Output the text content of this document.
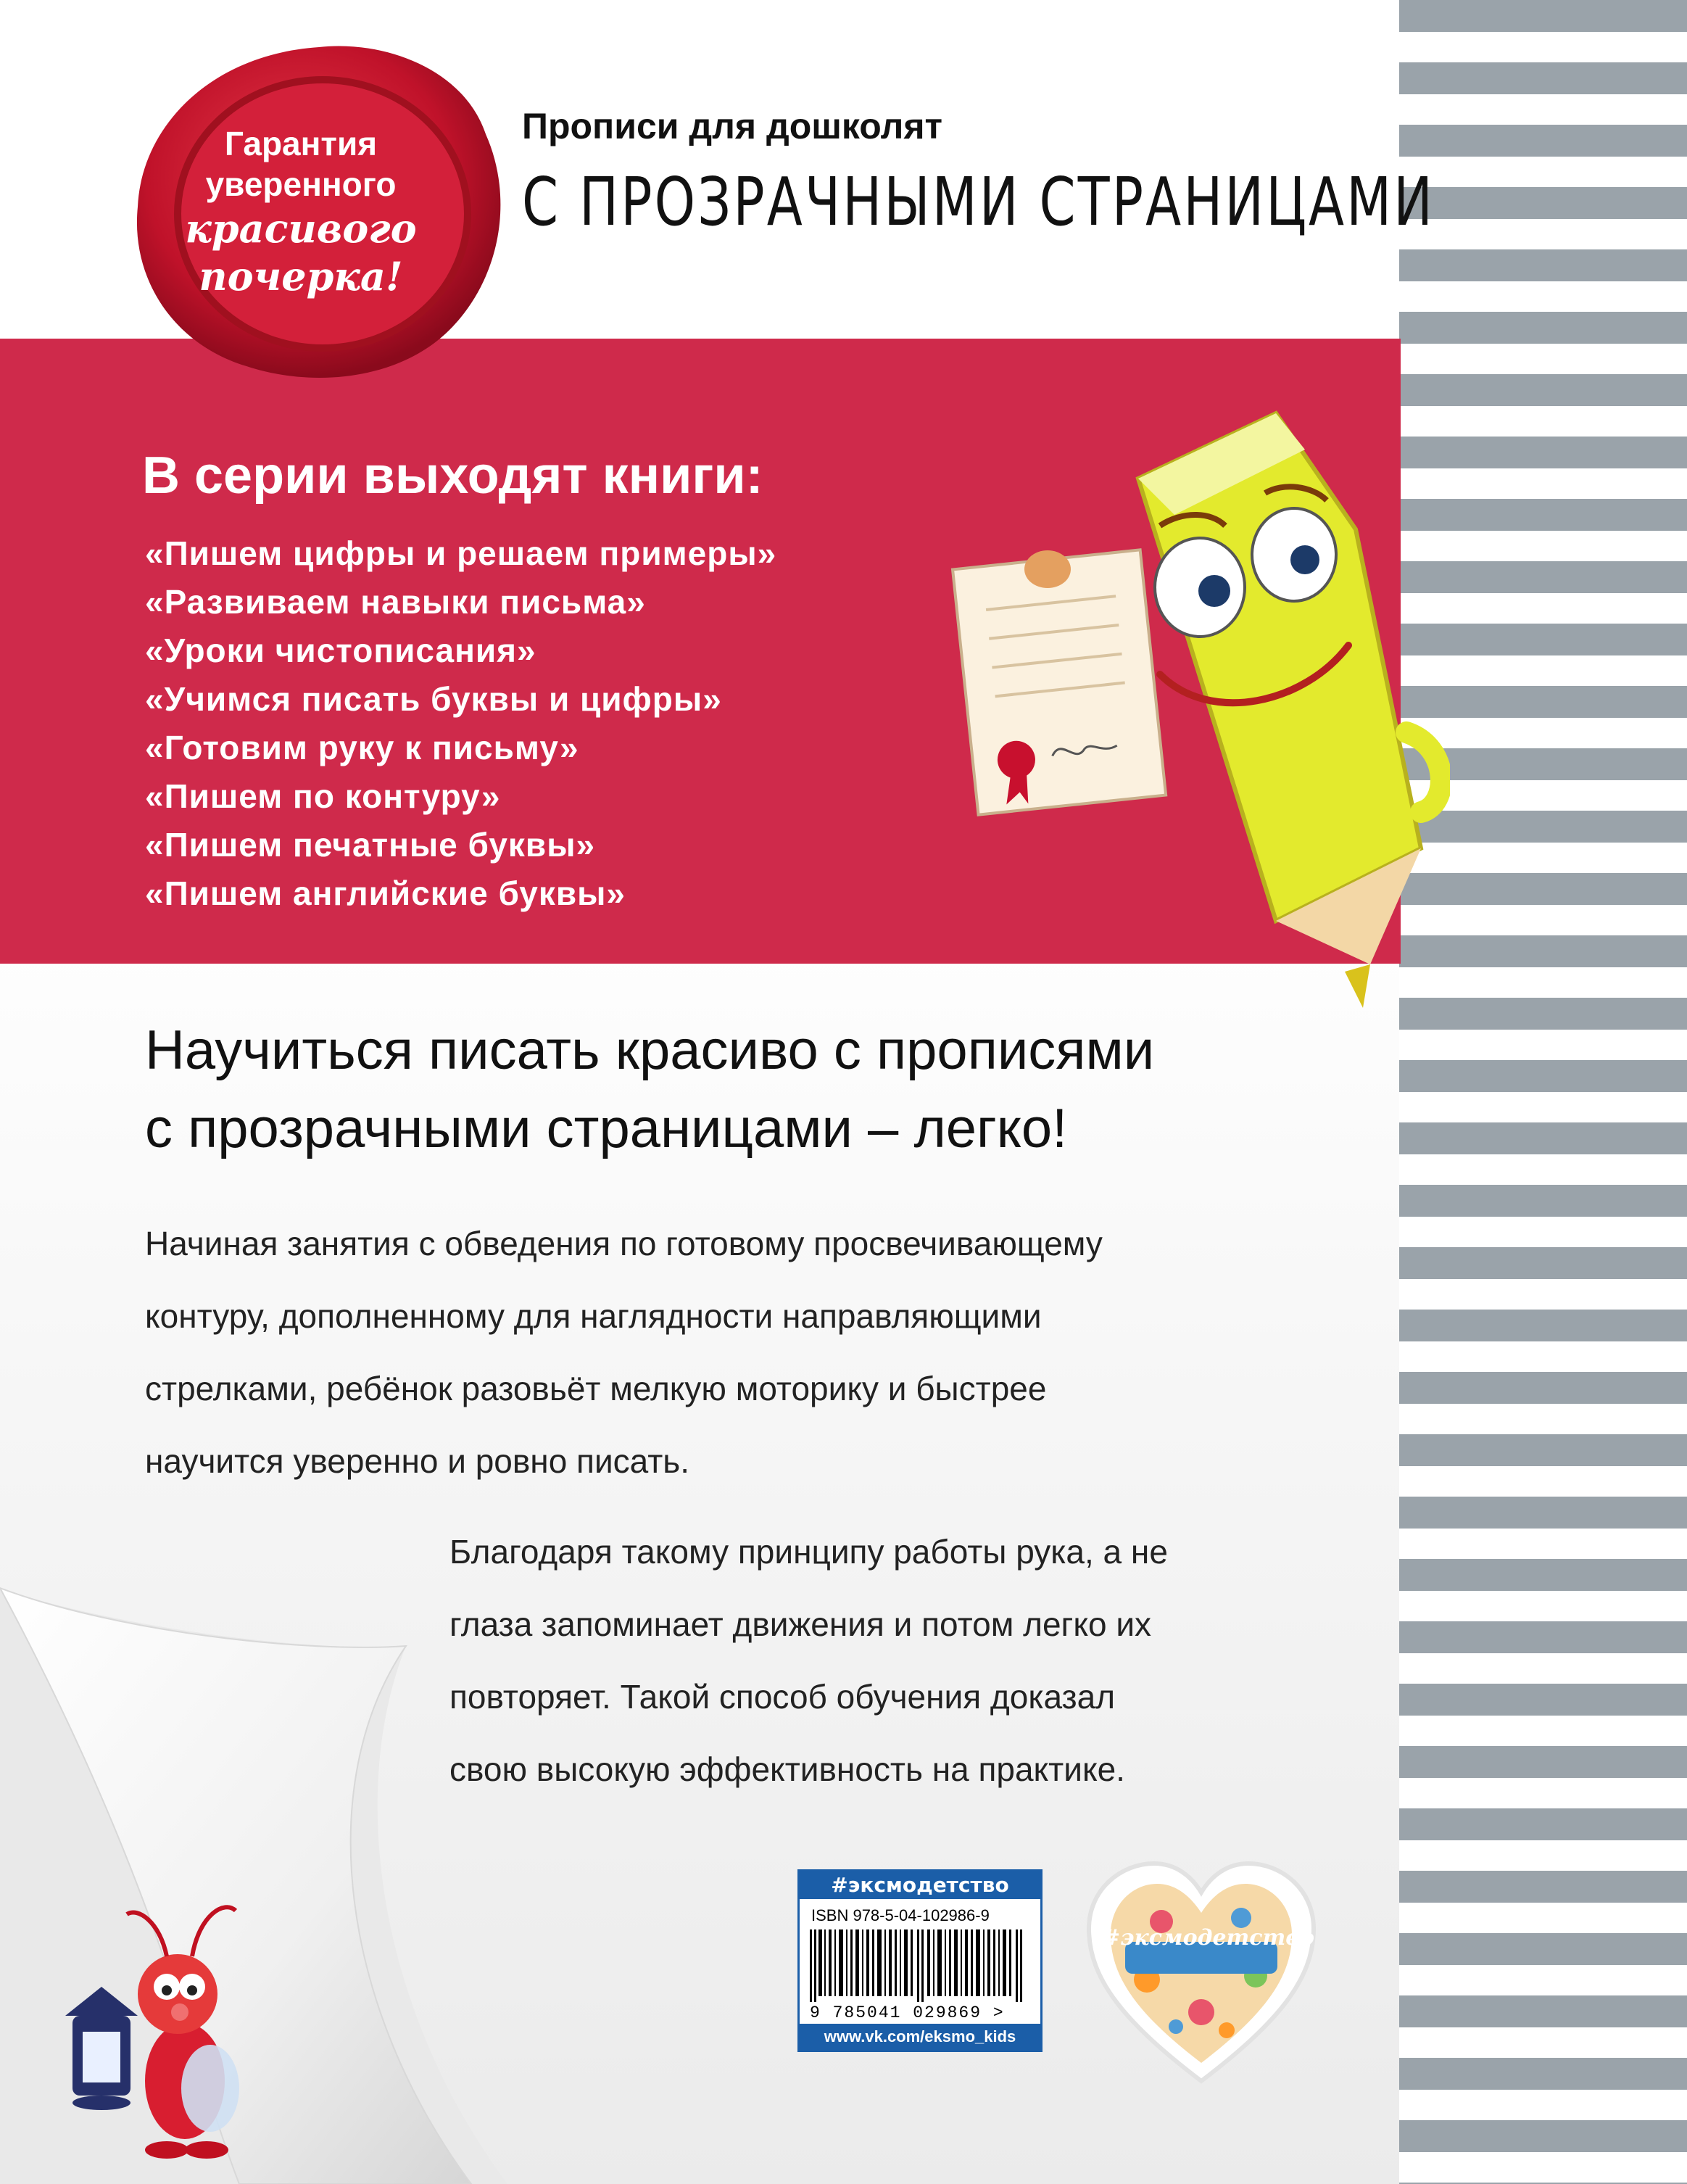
Гарантия
уверенного
красивого
почерка!
Прописи для дошколят
С ПРОЗРАЧНЫМИ СТРАНИЦАМИ
В серии выходят книги:
«Пишем цифры и решаем примеры»
«Развиваем навыки письма»
«Уроки чистописания»
«Учимся писать буквы и цифры»
«Готовим руку к письму»
«Пишем по контуру»
«Пишем печатные буквы»
«Пишем английские буквы»
Научиться писать красиво с прописями
с прозрачными страницами – легко!
Начиная занятия с обведения по готовому просвечивающему
контуру, дополненному для наглядности направляющими
стрелками, ребёнок разовьёт мелкую моторику и быстрее
научится уверенно и ровно писать.
Благодаря такому принципу работы рука, а не
глаза запоминает движения и потом легко их
повторяет. Такой способ обучения доказал
свою высокую эффективность на практике.
#эксмодетство
ISBN 978-5-04-102986-9
9 785041 029869 >
www.vk.com/eksmo_kids
#эксмодетство
